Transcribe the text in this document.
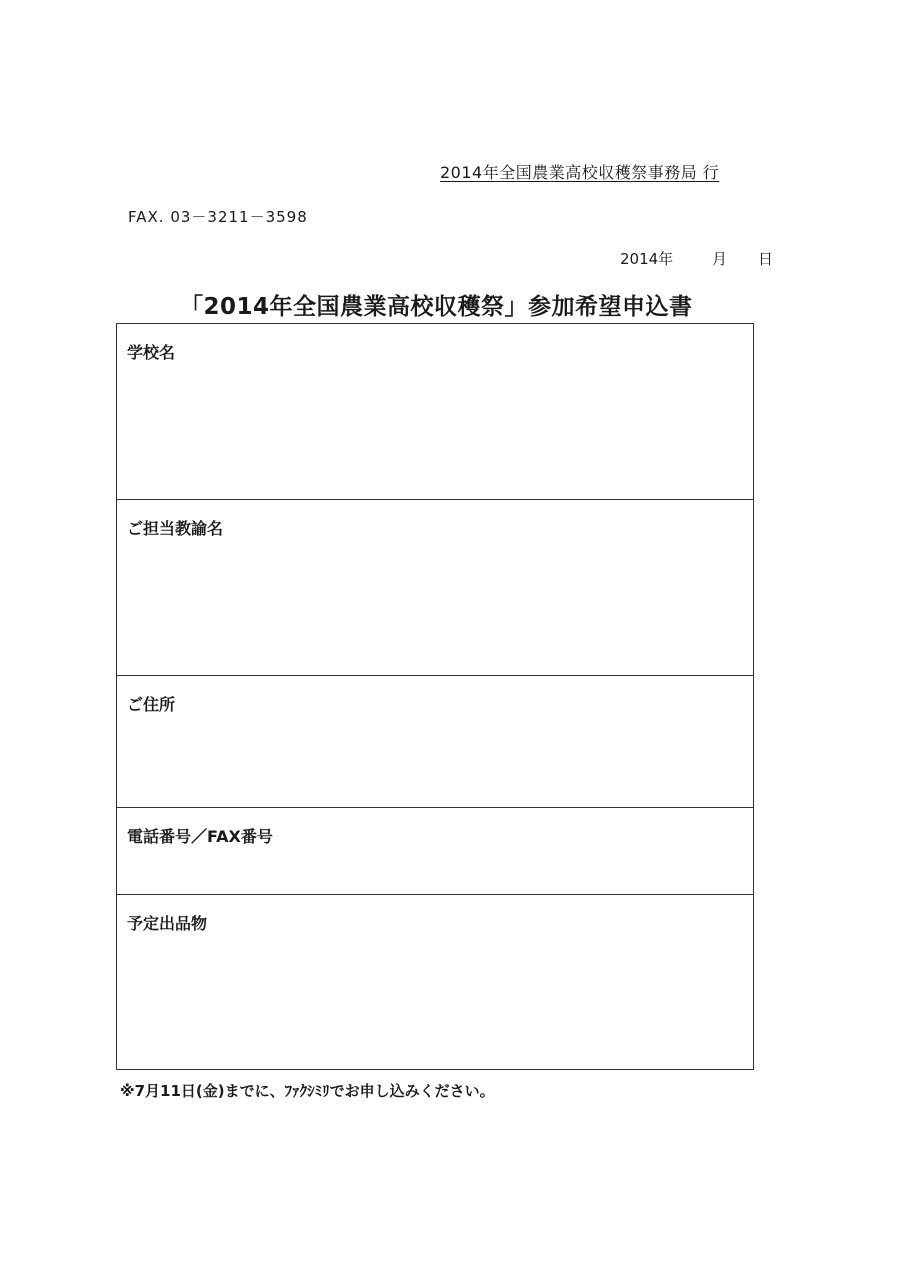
2014年全国農業高校収穫祭事務局 行
FAX. 03－3211－3598
2014年	月 日
「2014年全国農業高校収穫祭」参加希望申込書
学校名
ご担当教諭名
ご住所
電話番号／FAX番号
予定出品物
※7月11日(金)までに、ﾌｧｸｼﾐﾘでお申し込みください。
